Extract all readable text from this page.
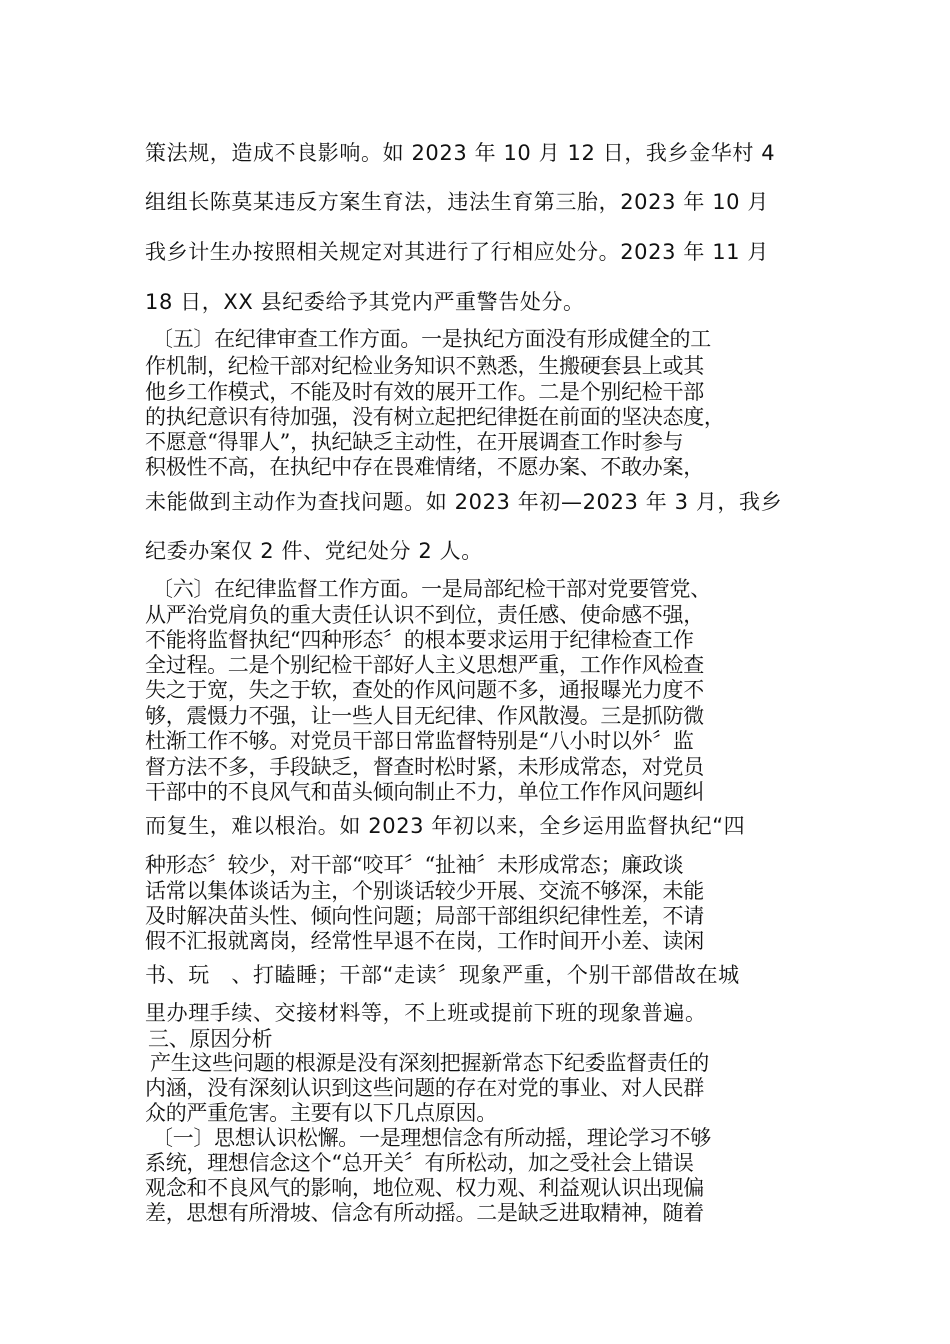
策法规，造成不良影响。如 2023 年 10 月 12 日，我乡金华村 4

组组长陈莫某违反方案生育法，违法生育第三胎，2023 年 10 月

我乡计生办按照相关规定对其进行了行相应处分。2023 年 11 月

18 日，XX 县纪委给予其党内严重警告处分。

〔五〕在纪律审查工作方面。一是执纪方面没有形成健全的工

作机制，纪检干部对纪检业务知识不熟悉，生搬硬套县上或其

他乡工作模式，不能及时有效的展开工作。二是个别纪检干部

的执纪意识有待加强，没有树立起把纪律挺在前面的坚决态度，

不愿意“得罪人”，执纪缺乏主动性，在开展调查工作时参与

积极性不高，在执纪中存在畏难情绪，不愿办案、不敢办案，

未能做到主动作为查找问题。如 2023 年初—2023 年 3 月，我乡

纪委办案仅 2 件、党纪处分 2 人。

〔六〕在纪律监督工作方面。一是局部纪检干部对党要管党、

从严治党肩负的重大责任认识不到位，责任感、使命感不强，

不能将监督执纪“四种形态〞的根本要求运用于纪律检查工作

全过程。二是个别纪检干部好人主义思想严重，工作作风检查

失之于宽，失之于软，查处的作风问题不多，通报曝光力度不

够，震慑力不强，让一些人目无纪律、作风散漫。三是抓防微

杜渐工作不够。对党员干部日常监督特别是“八小时以外〞监

督方法不多，手段缺乏，督查时松时紧，未形成常态，对党员

干部中的不良风气和苗头倾向制止不力，单位工作作风问题纠

而复生，难以根治。如 2023 年初以来，全乡运用监督执纪“四

种形态〞较少，对干部“咬耳〞“扯袖〞未形成常态；廉政谈

话常以集体谈话为主，个别谈话较少开展、交流不够深，未能

及时解决苗头性、倾向性问题；局部干部组织纪律性差，不请

假不汇报就离岗，经常性早退不在岗，工作时间开小差、读闲

书、玩　、打瞌睡；干部“走读〞现象严重，个别干部借故在城

里办理手续、交接材料等，不上班或提前下班的现象普遍。

三、原因分析

产生这些问题的根源是没有深刻把握新常态下纪委监督责任的

内涵，没有深刻认识到这些问题的存在对党的事业、对人民群

众的严重危害。主要有以下几点原因。

〔一〕思想认识松懈。一是理想信念有所动摇，理论学习不够

系统，理想信念这个“总开关〞有所松动，加之受社会上错误

观念和不良风气的影响，地位观、权力观、利益观认识出现偏

差，思想有所滑坡、信念有所动摇。二是缺乏进取精神，随着
